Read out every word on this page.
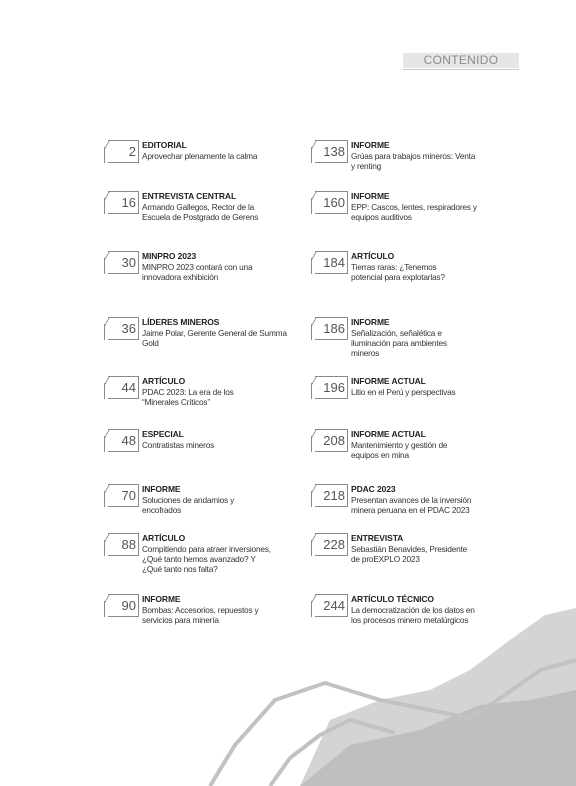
CONTENIDO
2 EDITORIAL
Aprovechar plenamente la calma
16 ENTREVISTA CENTRAL
Armando Gallegos, Rector de la Escuela de Postgrado de Gerens
30 MINPRO 2023
MINPRO 2023 contará con una innovadora exhibición
36 LÍDERES MINEROS
Jaime Polar, Gerente General de Summa Gold
44 ARTÍCULO
PDAC 2023: La era de los “Minerales Críticos”
48 ESPECIAL
Contratistas mineros
70 INFORME
Soluciones de andamios y encofrados
88 ARTÍCULO
Compitiendo para atraer inversiones, ¿Qué tanto hemos avanzado? Y ¿Qué tanto nos falta?
90 INFORME
Bombas: Accesorios, repuestos y servicios para minería
138 INFORME
Grúas para trabajos mineros: Venta y renting
160 INFORME
EPP: Cascos, lentes, respiradores y equipos auditivos
184 ARTÍCULO
Tierras raras: ¿Tenemos potencial para explotarlas?
186 INFORME
Señalización, señalética e iluminación para ambientes mineros
196 INFORME ACTUAL
Litio en el Perú y perspectivas
208 INFORME ACTUAL
Mantenimiento y gestión de equipos en mina
218 PDAC 2023
Presentan avances de la inversión minera peruana en el PDAC 2023
228 ENTREVISTA
Sebastián Benavides, Presidente de proEXPLO 2023
244 ARTÍCULO TÉCNICO
La democratización de los datos en los procesos minero metalúrgicos
